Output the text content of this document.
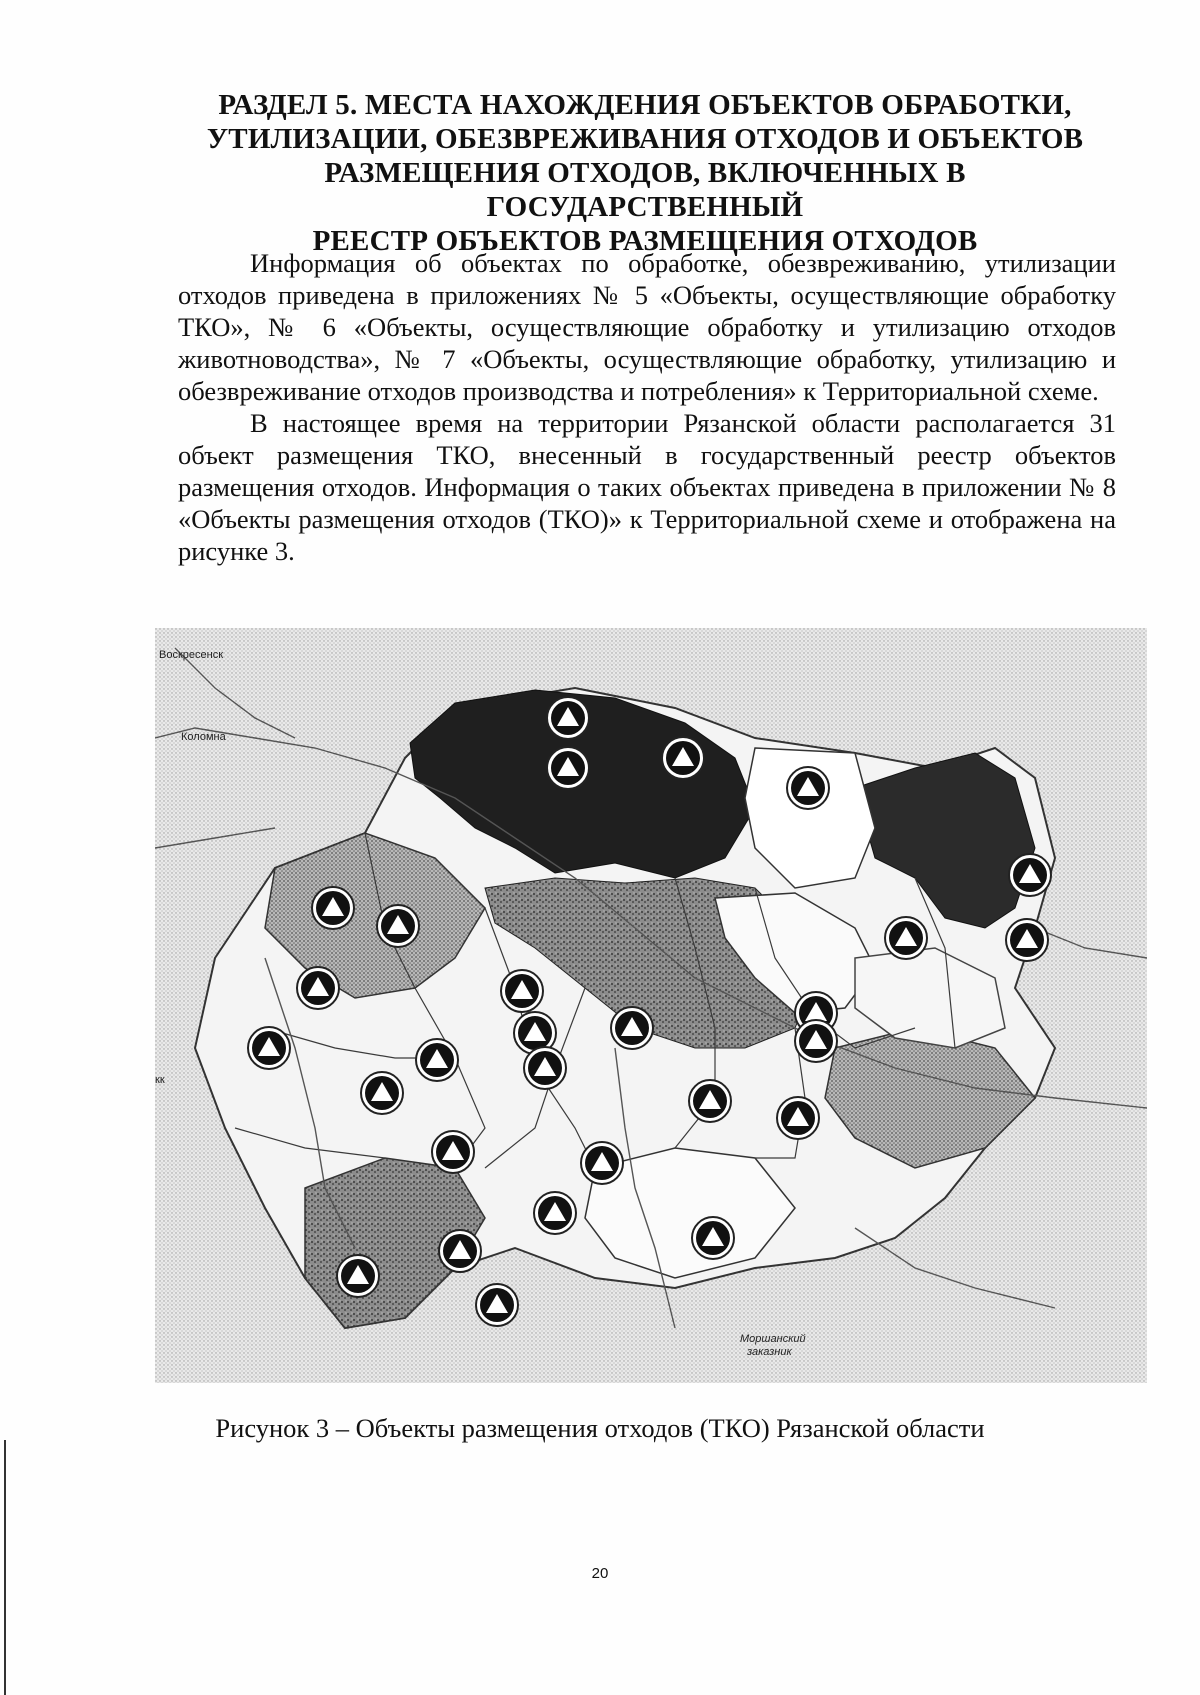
РАЗДЕЛ 5. МЕСТА НАХОЖДЕНИЯ ОБЪЕКТОВ ОБРАБОТКИ,
УТИЛИЗАЦИИ, ОБЕЗВРЕЖИВАНИЯ ОТХОДОВ И ОБЪЕКТОВ
РАЗМЕЩЕНИЯ ОТХОДОВ, ВКЛЮЧЕННЫХ В ГОСУДАРСТВЕННЫЙ
РЕЕСТР ОБЪЕКТОВ РАЗМЕЩЕНИЯ ОТХОДОВ

Информация об объектах по обработке, обезвреживанию, утилизации отходов приведена в приложениях № 5 «Объекты, осуществляющие обработку ТКО», № 6 «Объекты, осуществляющие обработку и утилизацию отходов животноводства», № 7 «Объекты, осуществляющие обработку, утилизацию и обезвреживание отходов производства и потребления» к Территориальной схеме.

В настоящее время на территории Рязанской области располагается 31 объект размещения ТКО, внесенный в государственный реестр объектов размещения отходов. Информация о таких объектах приведена в приложении № 8 «Объекты размещения отходов (ТКО)» к Территориальной схеме и отображена на рисунке 3.

Воскресенск
Коломна
кк
Моршанский
заказник
Рисунок 3 – Объекты размещения отходов (ТКО) Рязанской области
20
